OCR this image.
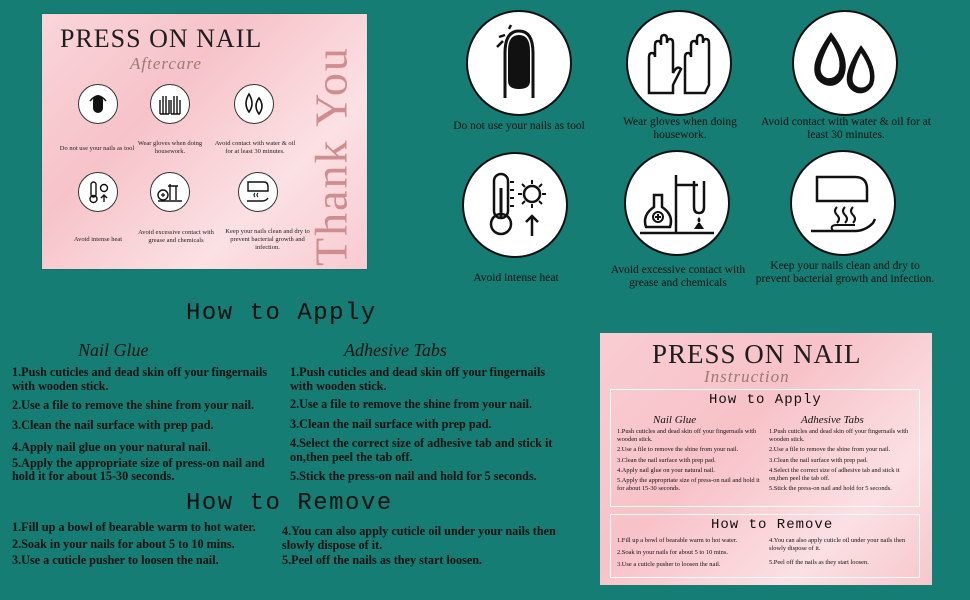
PRESS ON NAIL
Aftercare	Thank You
Do not use your nails as tool
Wear gloves when doing housework.
Avoid contact with water & oil for at least 30 minutes.
Avoid intense heat
Avoid excessive contact with grease and chemicals
Keep your nails clean and dry to prevent bacterial growth and infection.
Do not use your nails as tool	Wear gloves when doing housework.
Avoid contact with water & oil for at least 30 minutes.
Avoid intense heat
Avoid excessive contact with grease and chemicals
Keep your nails clean and dry to prevent bacterial growth and infection.
How to Apply
Nail Glue

1.Push cuticles and dead skin off your fingernails with wooden stick.

2.Use a file to remove the shine from your nail.

3.Clean the nail surface with prep pad.

4.Apply nail glue on your natural nail.

5.Apply the appropriate size of press-on nail and hold it for about 15-30 seconds.

Adhesive Tabs

1.Push cuticles and dead skin off your fingernails with wooden stick.

2.Use a file to remove the shine from your nail.

3.Clean the nail surface with prep pad.

4.Select the correct size of adhesive tab and stick it on,then peel the tab off.

5.Stick the press-on nail and hold for 5 seconds.

How to Remove

1.Fill up a bowl of bearable warm to hot water.

2.Soak in your nails for about 5 to 10 mins.

3.Use a cuticle pusher to loosen the nail.

4.You can also apply cuticle oil under your nails then slowly dispose of it.

5.Peel off the nails as they start loosen.

PRESS ON NAIL
Instruction
How to Apply
Nail Glue	Adhesive Tabs

1.Push cuticles and dead skin off your fingernails with wooden stick.

2.Use a file to remove the shine from your nail.

3.Clean the nail surface with prep pad.

4.Apply nail glue on your natural nail.

5.Apply the appropriate size of press-on nail and hold it for about 15-30 seconds.

1.Push cuticles and dead skin off your fingernails with wooden stick.

2.Use a file to remove the shine from your nail.

3.Clean the nail surface with prep pad.

4.Select the correct size of adhesive tab and stick it on,then peel the tab off.

5.Stick the press-on nail and hold for 5 seconds.

How to Remove

1.Fill up a bowl of bearable warm to hot water.

2.Soak in your nails for about 5 to 10 mins.

3.Use a cuticle pusher to loosen the nail.

4.You can also apply cuticle oil under your nails then slowly dispose of it.

5.Peel off the nails as they start loosen.
